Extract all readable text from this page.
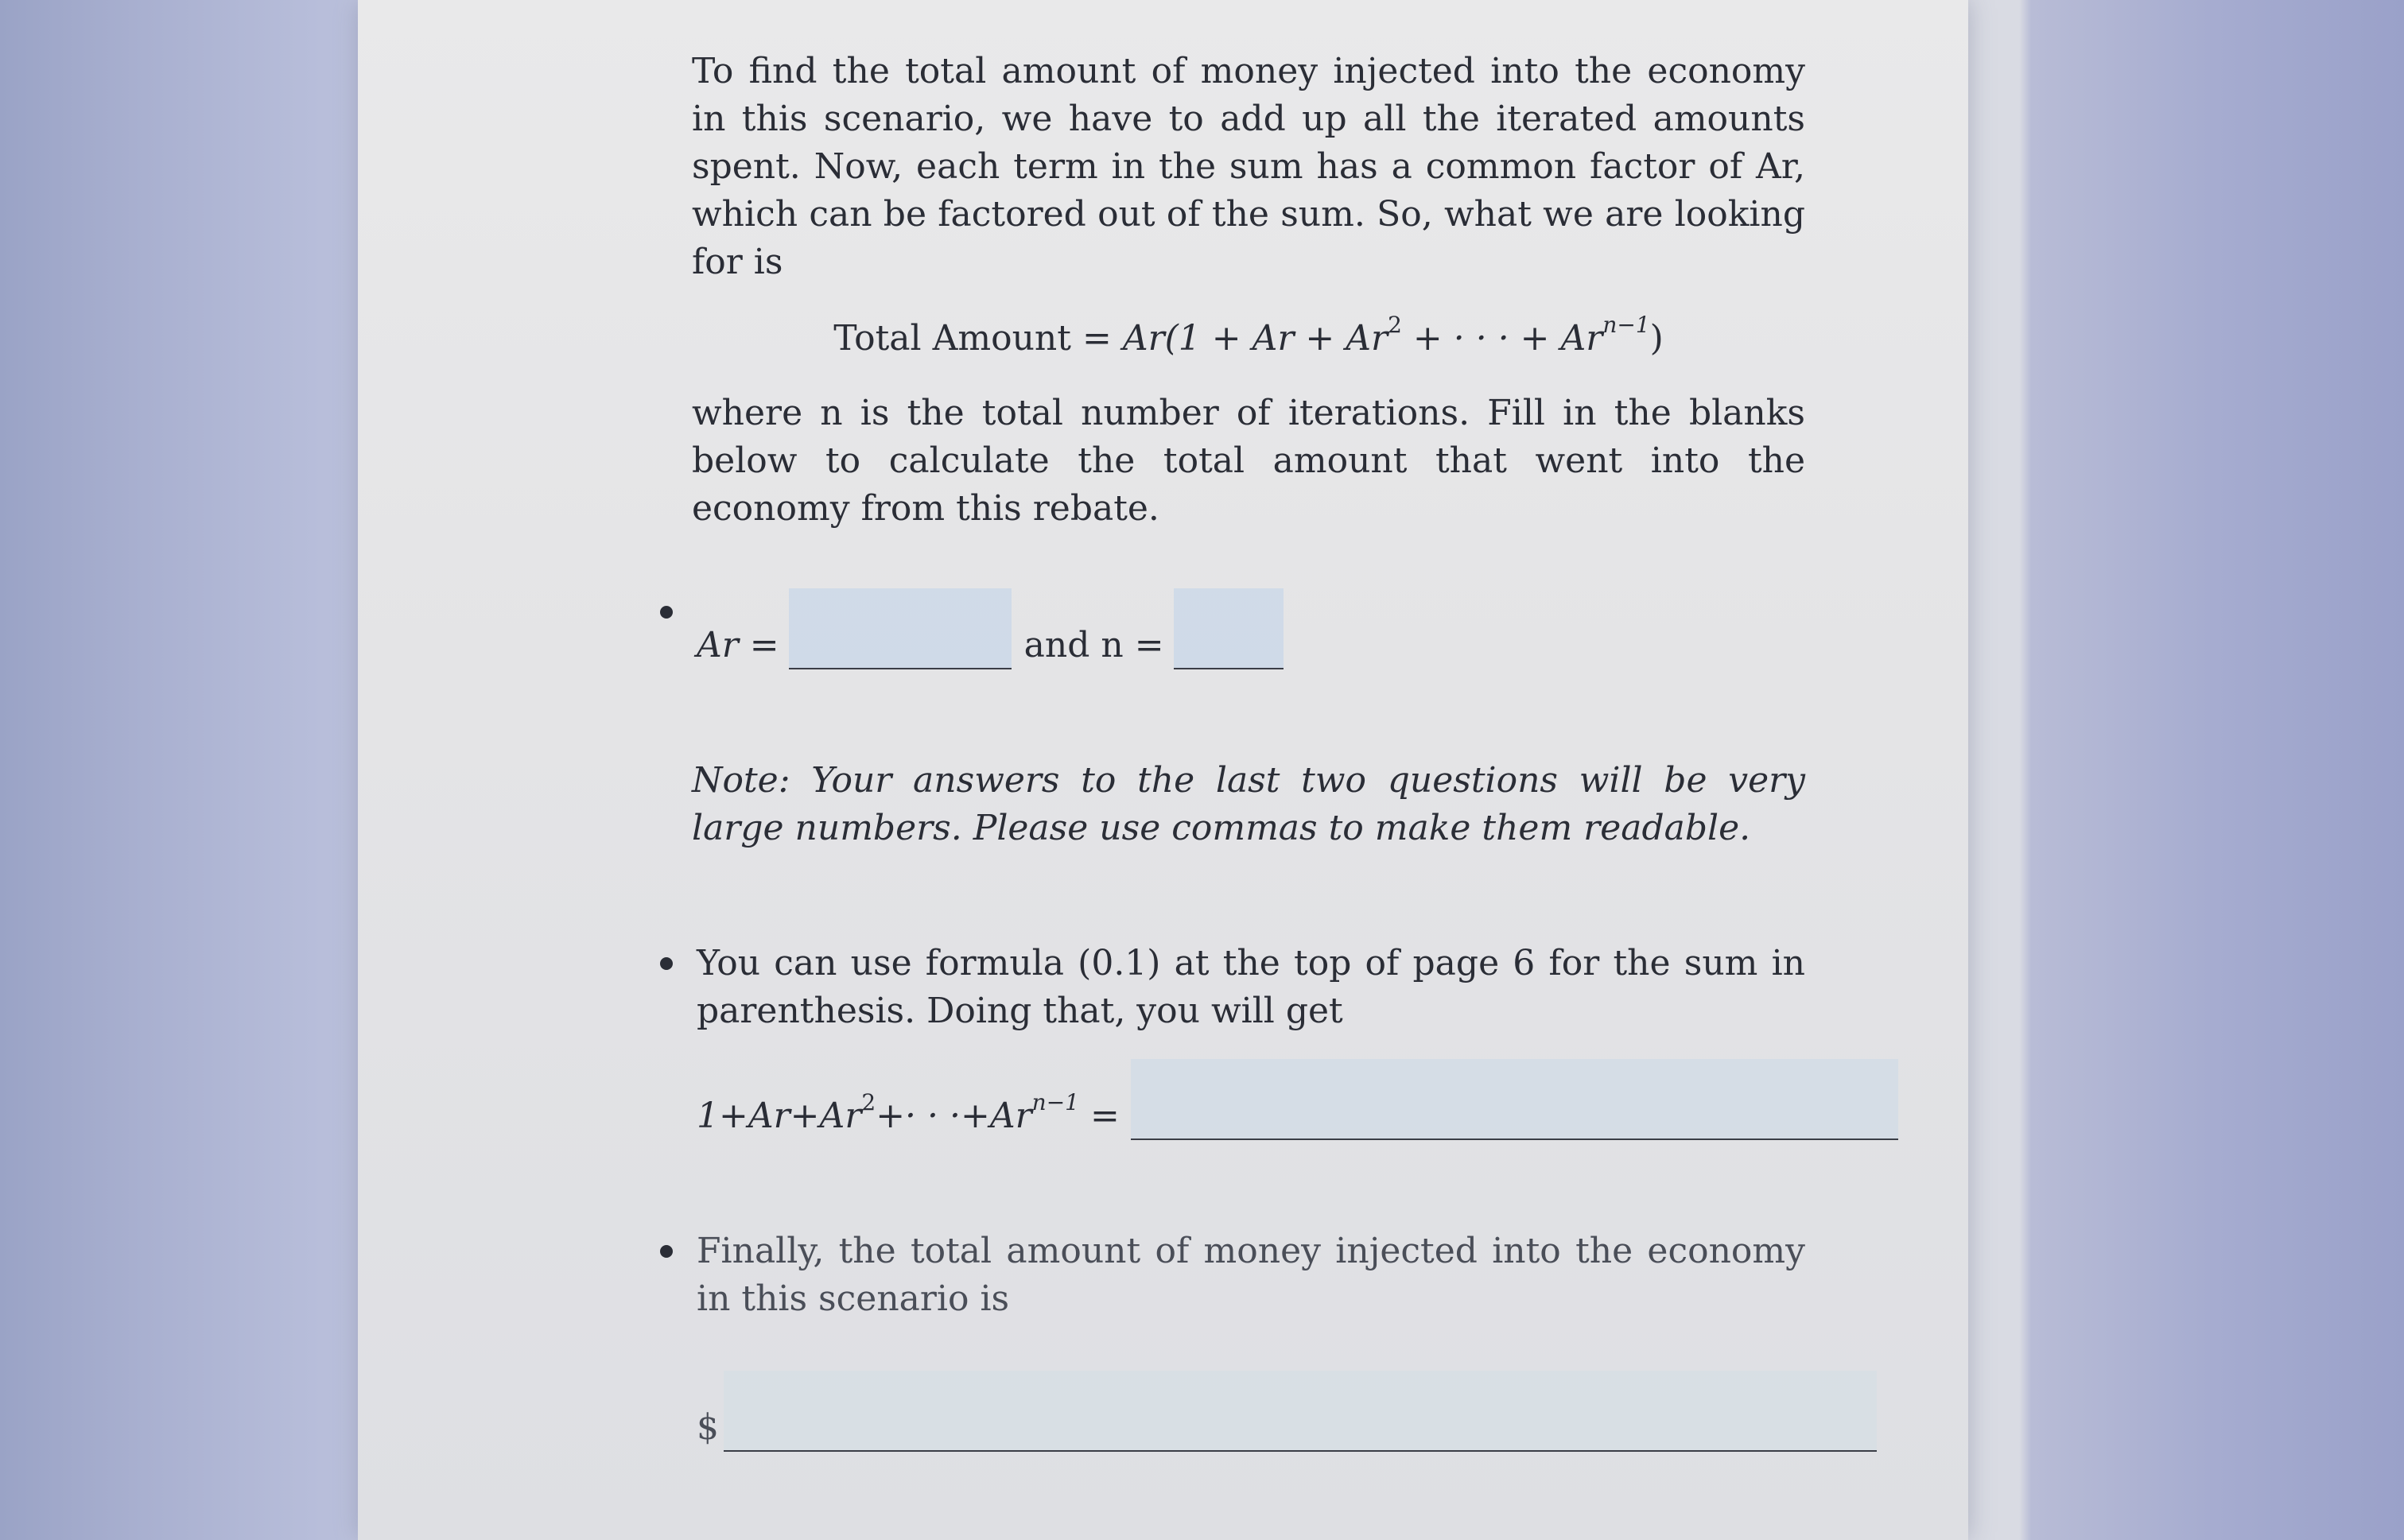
To find the total amount of money injected into the economy in this scenario, we have to add up all the iterated amounts spent. Now, each term in the sum has a common factor of Ar, which can be factored out of the sum. So, what we are looking for is

Total Amount = $Ar(1 + Ar + Ar^2$ + · · · + $Ar^{n-1}$)

where n is the total number of iterations. Fill in the blanks below to calculate the total amount that went into the economy from this rebate.

Ar =	and n =

Note: Your answers to the last two questions will be very large numbers. Please use commas to make them readable.

You can use formula (0.1) at the top of page 6 for the sum in parenthesis. Doing that, you will get

$1+Ar+Ar^2+\cdot \cdot \cdot+Ar^{n-1}$ =

Finally, the total amount of money injected into the economy in this scenario is

$
